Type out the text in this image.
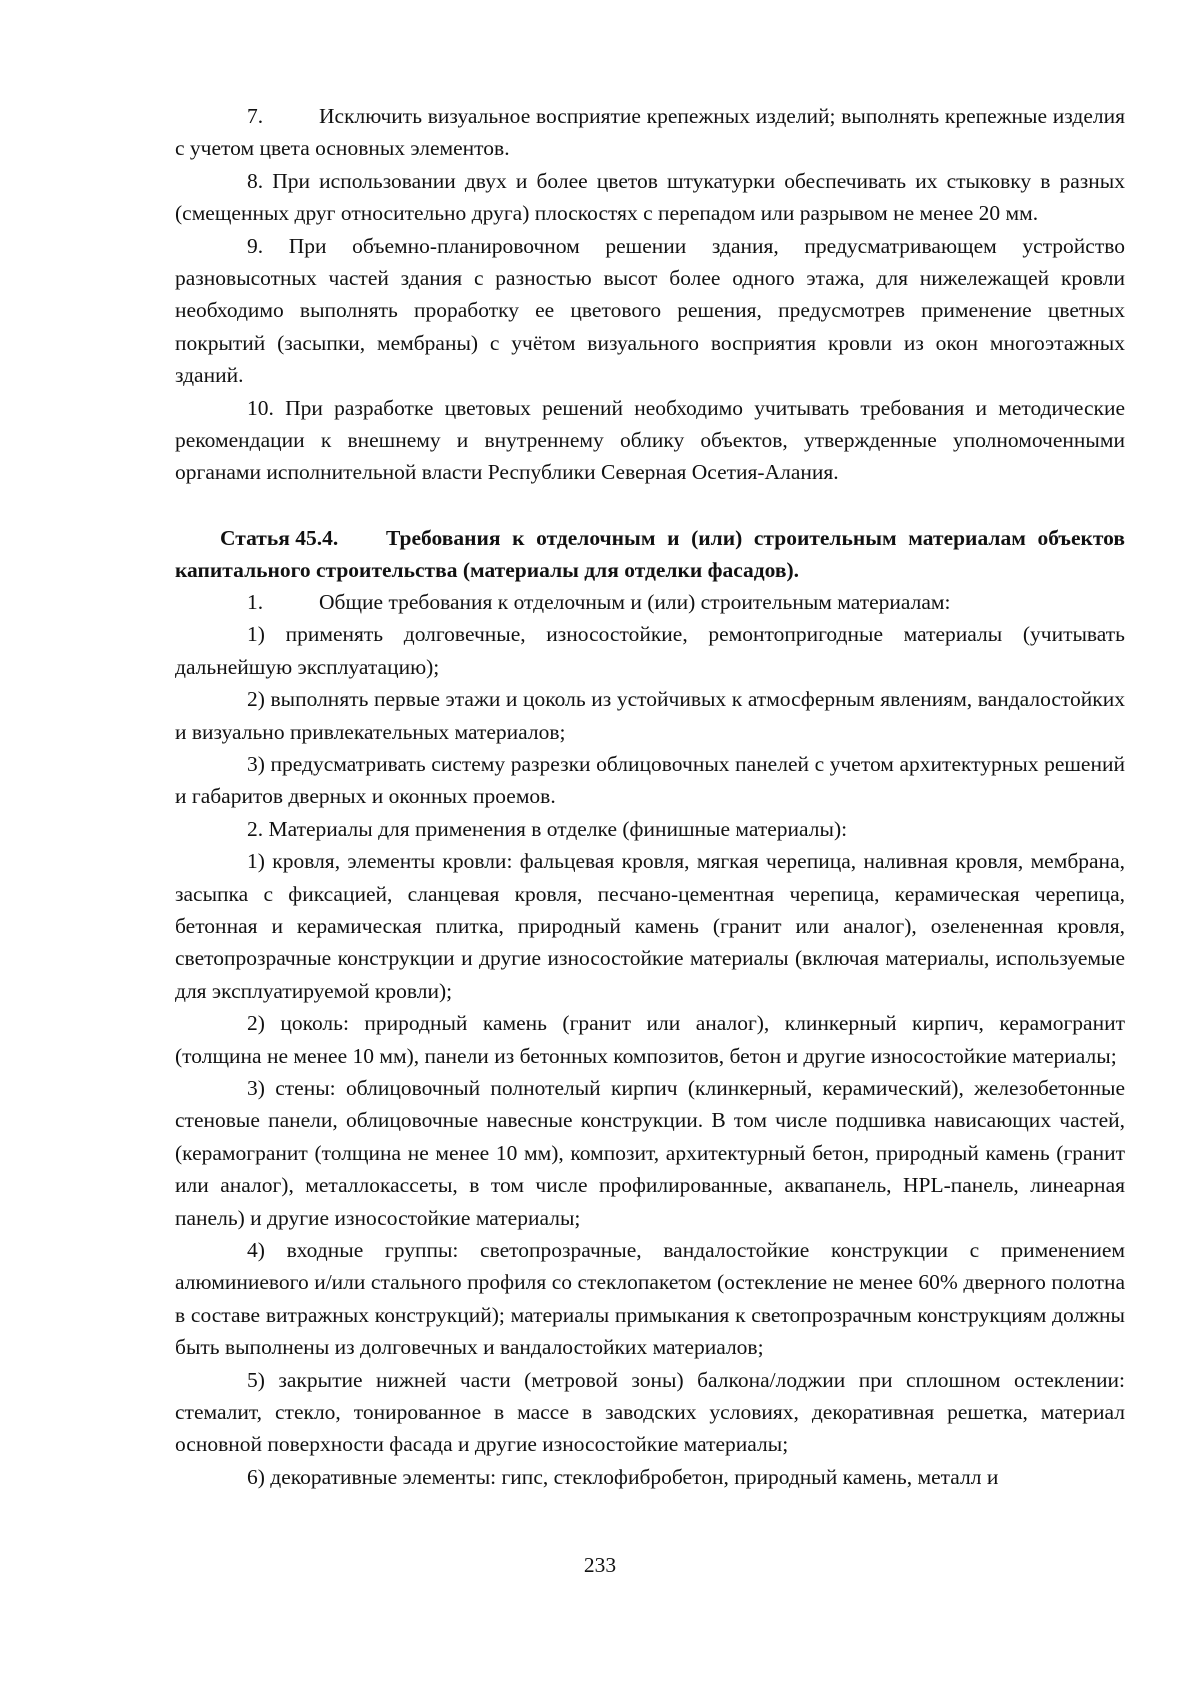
7.	Исключить визуальное восприятие крепежных изделий; выполнять крепежные изделия с учетом цвета основных элементов.

8. При использовании двух и более цветов штукатурки обеспечивать их стыковку в разных (смещенных друг относительно друга) плоскостях с перепадом или разрывом не менее 20 мм.

9. При объемно-планировочном решении здания, предусматривающем устройство разновысотных частей здания с разностью высот более одного этажа, для нижележащей кровли необходимо выполнять проработку ее цветового решения, предусмотрев применение цветных покрытий (засыпки, мембраны) с учётом визуального восприятия кровли из окон многоэтажных зданий.

10. При разработке цветовых решений необходимо учитывать требования и методические рекомендации к внешнему и внутреннему облику объектов, утвержденные уполномоченными органами исполнительной власти Республики Северная Осетия-Алания.

Статья 45.4. Требования к отделочным и (или) строительным материалам объектов капитального строительства (материалы для отделки фасадов).

1.	Общие требования к отделочным и (или) строительным материалам:

1) применять долговечные, износостойкие, ремонтопригодные материалы (учитывать дальнейшую эксплуатацию);

2) выполнять первые этажи и цоколь из устойчивых к атмосферным явлениям, вандалостойких и визуально привлекательных материалов;

3) предусматривать систему разрезки облицовочных панелей с учетом архитектурных решений и габаритов дверных и оконных проемов.

2. Материалы для применения в отделке (финишные материалы):

1) кровля, элементы кровли: фальцевая кровля, мягкая черепица, наливная кровля, мембрана, засыпка с фиксацией, сланцевая кровля, песчано-цементная черепица, керамическая черепица, бетонная и керамическая плитка, природный камень (гранит или аналог), озелененная кровля, светопрозрачные конструкции и другие износостойкие материалы (включая материалы, используемые для эксплуатируемой кровли);

2) цоколь: природный камень (гранит или аналог), клинкерный кирпич, керамогранит (толщина не менее 10 мм), панели из бетонных композитов, бетон и другие износостойкие материалы;

3) стены: облицовочный полнотелый кирпич (клинкерный, керамический), железобетонные стеновые панели, облицовочные навесные конструкции. В том числе подшивка нависающих частей, (керамогранит (толщина не менее 10 мм), композит, архитектурный бетон, природный камень (гранит или аналог), металлокассеты, в том числе профилированные, аквапанель, HPL-панель, линеарная панель) и другие износостойкие материалы;

4) входные группы: светопрозрачные, вандалостойкие конструкции с применением алюминиевого и/или стального профиля со стеклопакетом (остекление не менее 60% дверного полотна в составе витражных конструкций); материалы примыкания к светопрозрачным конструкциям должны быть выполнены из долговечных и вандалостойких материалов;

5) закрытие нижней части (метровой зоны) балкона/лоджии при сплошном остеклении: стемалит, стекло, тонированное в массе в заводских условиях, декоративная решетка, материал основной поверхности фасада и другие износостойкие материалы;

6) декоративные элементы: гипс, стеклофибробетон, природный камень, металл и

233
